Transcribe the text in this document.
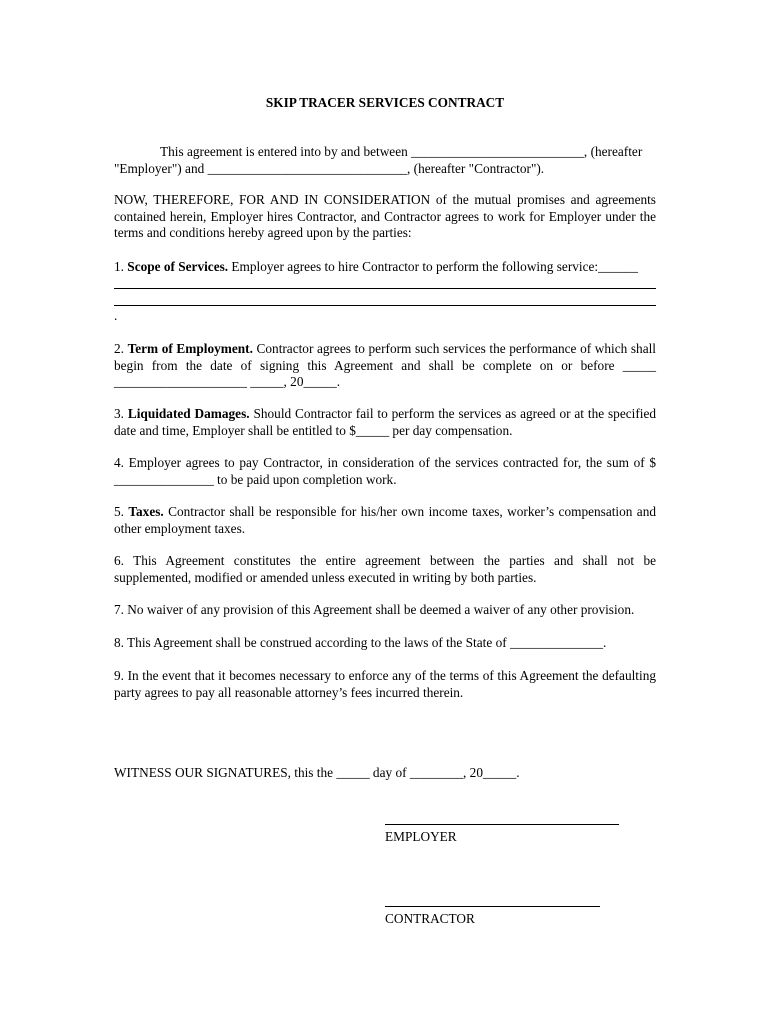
SKIP TRACER SERVICES CONTRACT
This agreement is entered into by and between __________________________, (hereafter
"Employer") and ______________________________, (hereafter "Contractor").
NOW, THEREFORE, FOR AND IN CONSIDERATION of the mutual promises and agreements contained herein, Employer hires Contractor, and Contractor agrees to work for Employer under the terms and conditions hereby agreed upon by the parties:
1. Scope of Services. Employer agrees to hire Contractor to perform the following service:______
.
2. Term of Employment. Contractor agrees to perform such services the performance of which shall begin from the date of signing this Agreement and shall be complete on or before _____ ____________________ _____, 20_____.
3. Liquidated Damages. Should Contractor fail to perform the services as agreed or at the specified date and time, Employer shall be entitled to $_____ per day compensation.
4. Employer agrees to pay Contractor, in consideration of the services contracted for, the sum of $ _______________ to be paid upon completion work.
5. Taxes. Contractor shall be responsible for his/her own income taxes, worker’s compensation and other employment taxes.
6. This Agreement constitutes the entire agreement between the parties and shall not be supplemented, modified or amended unless executed in writing by both parties.
7. No waiver of any provision of this Agreement shall be deemed a waiver of any other provision.
8. This Agreement shall be construed according to the laws of the State of ______________.
9. In the event that it becomes necessary to enforce any of the terms of this Agreement the defaulting party agrees to pay all reasonable attorney’s fees incurred therein.
WITNESS OUR SIGNATURES, this the _____ day of ________, 20_____.
EMPLOYER
CONTRACTOR
